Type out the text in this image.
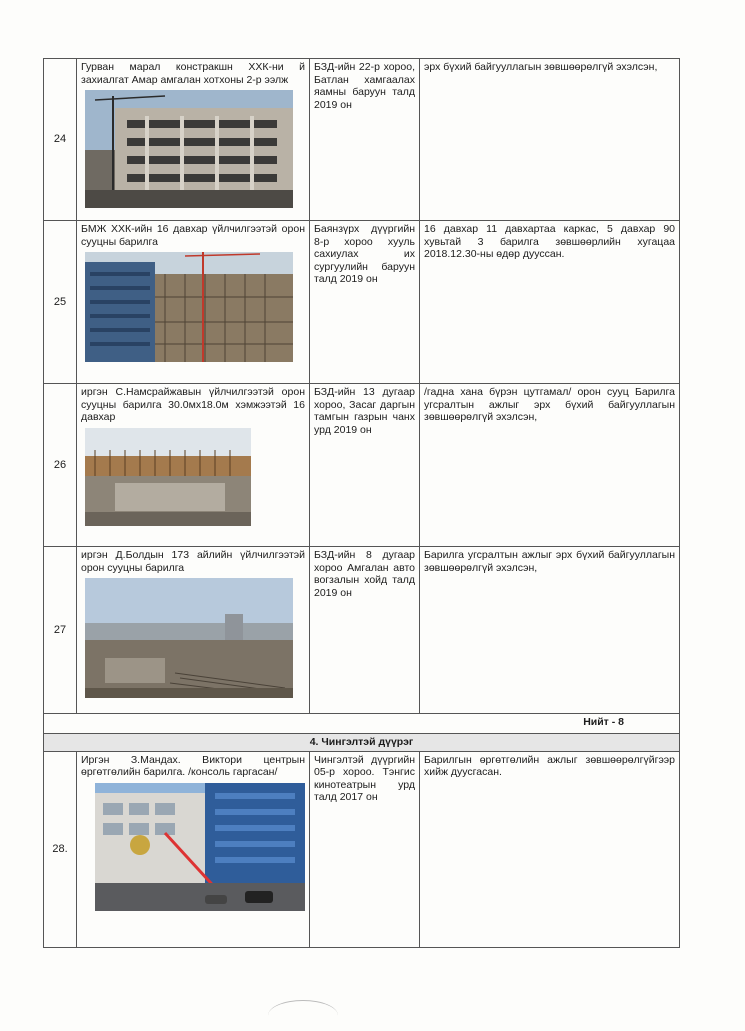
24	Гурван марал констракшн ХХК-ни й захиалгат Амар амгалан хотхоны 2-р ээлж	БЗД-ийн 22-р хороо, Батлан хамгаалах яамны баруун талд 2019 он	эрх бүхий байгууллагын зөвшөөрөлгүй эхэлсэн,
25	БМЖ ХХК-ийн 16 давхар үйлчилгээтэй орон сууцны барилга	Баянзүрх дүүргийн 8-р хороо хууль сахиулах их сургуулийн баруун талд 2019 он	16 давхар 11 давхартаа каркас, 5 давхар 90 хувьтай 3 барилга зөвшөөрлийн хугацаа 2018.12.30-ны өдөр дууссан.
26	иргэн С.Намсрайжавын үйлчилгээтэй орон сууцны барилга 30.0мх18.0м хэмжээтэй 16 давхар	БЗД-ийн 13 дугаар хороо, Засаг даргын тамгын газрын чанх урд 2019 он	/гадна хана бүрэн цутгамал/ орон сууц Барилга угсралтын ажлыг эрх бүхий байгууллагын зөвшөөрөлгүй эхэлсэн,
27	иргэн Д.Болдын 173 айлийн үйлчилгээтэй орон сууцны барилга	БЗД-ийн 8 дугаар хороо Амгалан авто вогзалын хойд талд 2019 он	Барилга угсралтын ажлыг эрх бүхий байгууллагын зөвшөөрөлгүй эхэлсэн,
Нийт - 8			
4. Чингэлтэй дүүрэг			
28.	Иргэн З.Мандах. Виктори центрын өргөтгөлийн барилга. /консоль гаргасан/	Чингэлтэй дүүргийн 05-р хороо. Тэнгис кинотеатрын урд талд 2017 он	Барилгын өргөтгөлийн ажлыг зөвшөөрөлгүйгээр хийж дуусгасан.
